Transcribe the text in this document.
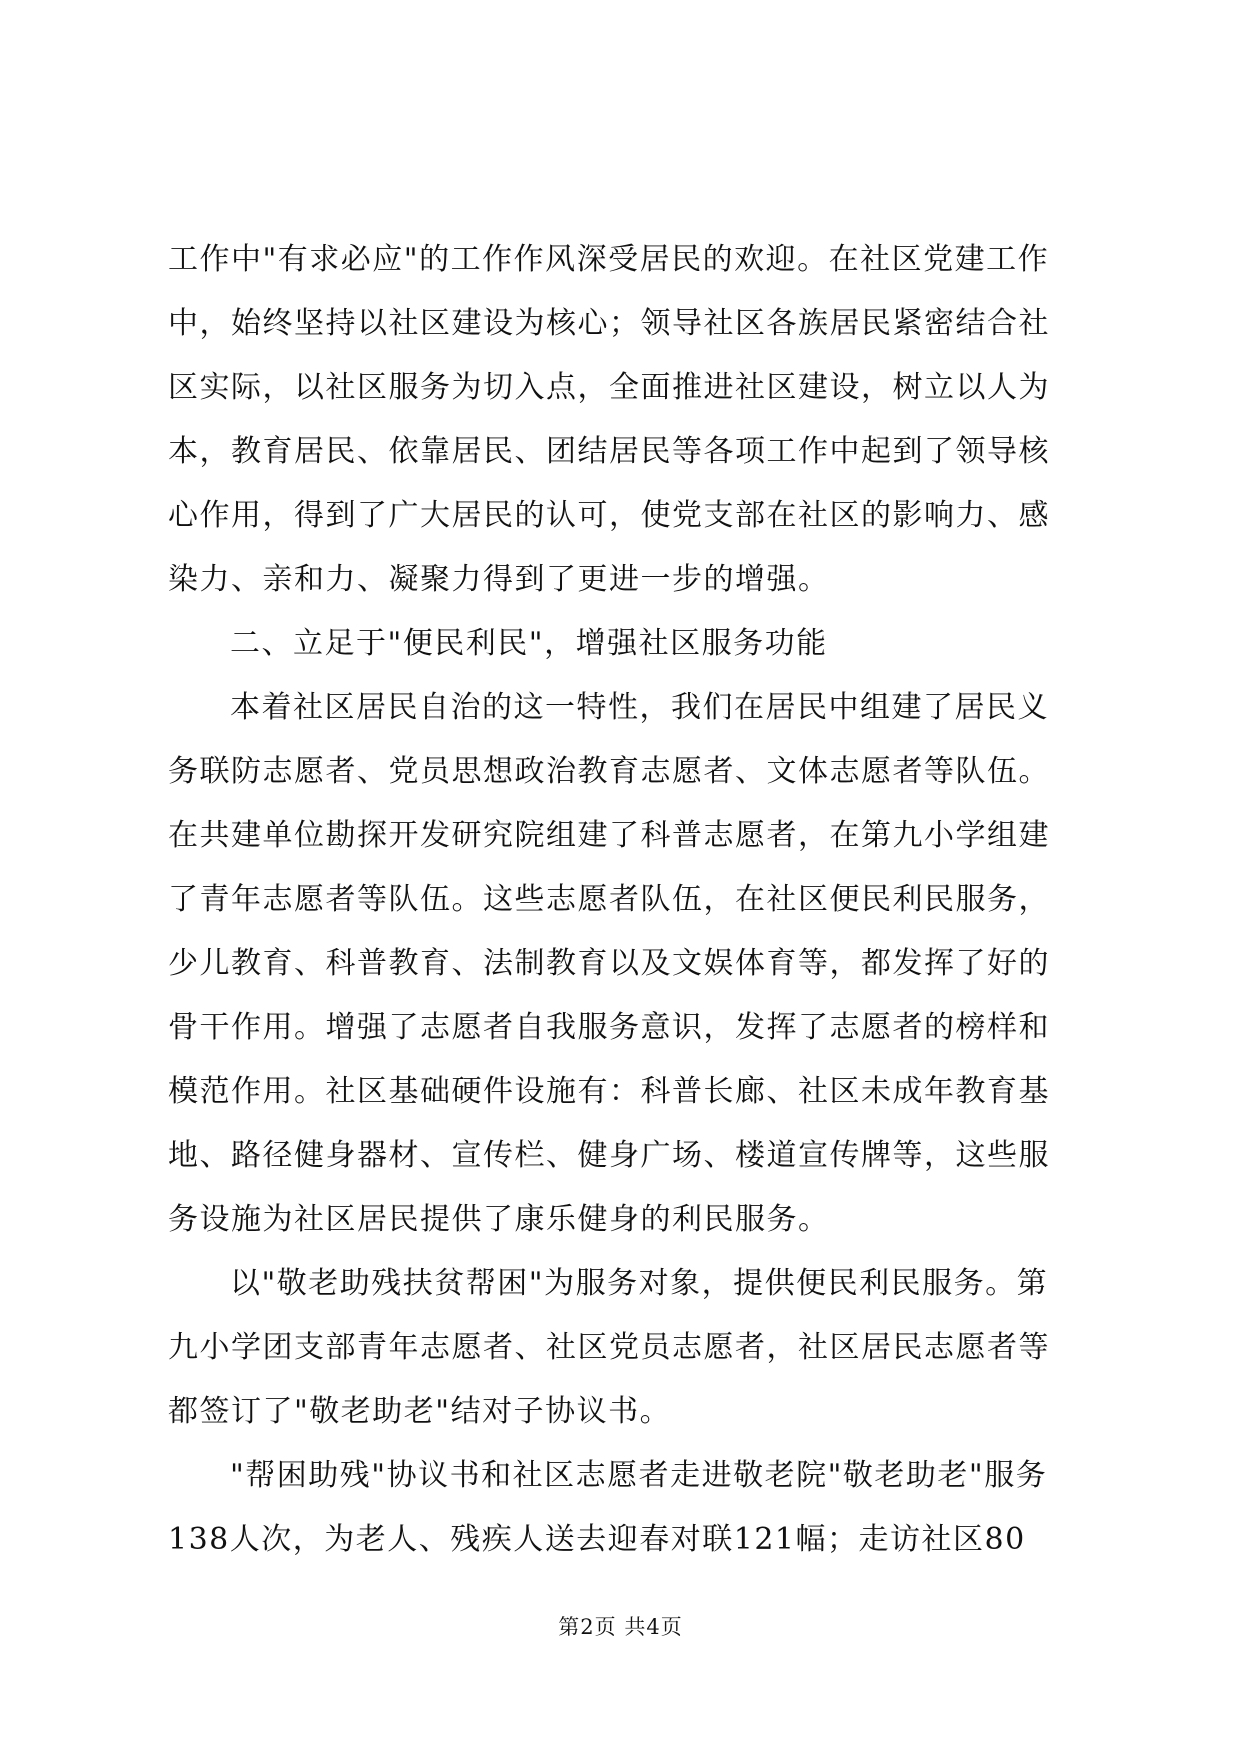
工作中"有求必应"的工作作风深受居民的欢迎。在社区党建工作
中，始终坚持以社区建设为核心；领导社区各族居民紧密结合社
区实际，以社区服务为切入点，全面推进社区建设，树立以人为
本，教育居民、依靠居民、团结居民等各项工作中起到了领导核
心作用，得到了广大居民的认可，使党支部在社区的影响力、感
染力、亲和力、凝聚力得到了更进一步的增强。
二、立足于"便民利民"，增强社区服务功能
本着社区居民自治的这一特性，我们在居民中组建了居民义
务联防志愿者、党员思想政治教育志愿者、文体志愿者等队伍。
在共建单位勘探开发研究院组建了科普志愿者，在第九小学组建
了青年志愿者等队伍。这些志愿者队伍，在社区便民利民服务，
少儿教育、科普教育、法制教育以及文娱体育等，都发挥了好的
骨干作用。增强了志愿者自我服务意识，发挥了志愿者的榜样和
模范作用。社区基础硬件设施有：科普长廊、社区未成年教育基
地、路径健身器材、宣传栏、健身广场、楼道宣传牌等，这些服
务设施为社区居民提供了康乐健身的利民服务。
以"敬老助残扶贫帮困"为服务对象，提供便民利民服务。第
九小学团支部青年志愿者、社区党员志愿者，社区居民志愿者等
都签订了"敬老助老"结对子协议书。
"帮困助残"协议书和社区志愿者走进敬老院"敬老助老"服务
138人次，为老人、残疾人送去迎春对联121幅；走访社区80
第2页 共4页
